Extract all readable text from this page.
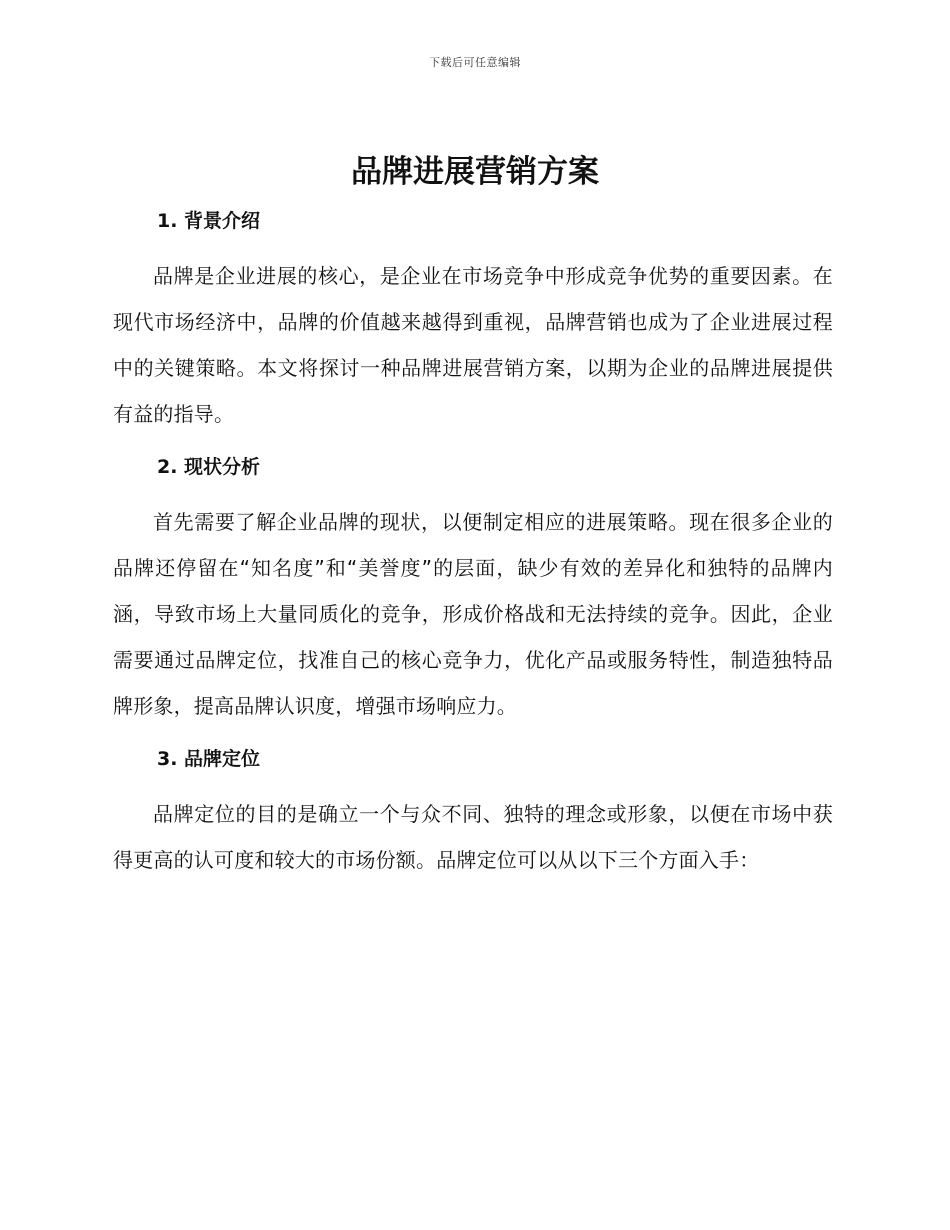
下载后可任意编辑
品牌进展营销方案
1. 背景介绍

品牌是企业进展的核心，是企业在市场竞争中形成竞争优势的重要因素。在现代市场经济中，品牌的价值越来越得到重视，品牌营销也成为了企业进展过程中的关键策略。本文将探讨一种品牌进展营销方案，以期为企业的品牌进展提供有益的指导。

2. 现状分析

首先需要了解企业品牌的现状，以便制定相应的进展策略。现在很多企业的品牌还停留在“知名度”和“美誉度”的层面，缺少有效的差异化和独特的品牌内涵，导致市场上大量同质化的竞争，形成价格战和无法持续的竞争。因此，企业需要通过品牌定位，找准自己的核心竞争力，优化产品或服务特性，制造独特品牌形象，提高品牌认识度，增强市场响应力。

3. 品牌定位

品牌定位的目的是确立一个与众不同、独特的理念或形象，以便在市场中获得更高的认可度和较大的市场份额。品牌定位可以从以下三个方面入手：
